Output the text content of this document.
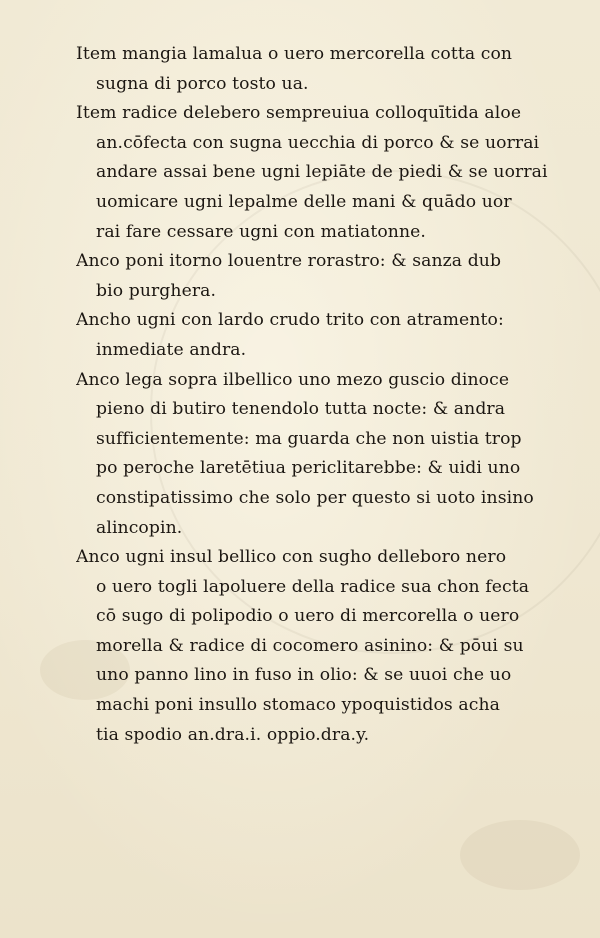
Item mangia lamalua o uero mercorella cotta con
sugna di porco tosto ua.
Item radice delebero sempreuiua colloquītida aloe
an.cōfecta con sugna uecchia di porco & se uorrai
andare assai bene ugni lepiāte de piedi & se uorrai
uomicare ugni lepalme delle mani & quādo uor
rai fare cessare ugni con matiatonne.
Anco poni itorno louentre rorastro: & sanza dub
bio purghera.
Ancho ugni con lardo crudo trito con atramento:
inmediate andra.
Anco lega sopra ilbellico uno mezo guscio dinoce
pieno di butiro tenendolo tutta nocte: & andra
sufficientemente: ma guarda che non uistia trop
po peroche laretētiua periclitarebbe: & uidi uno
constipatissimo che solo per questo si uoto insino
alincopin.
Anco ugni insul bellico con sugho delleboro nero
o uero togli lapoluere della radice sua chon fecta
cō sugo di polipodio o uero di mercorella o uero
morella & radice di cocomero asinino: & pōui su
uno panno lino in fuso in olio: & se uuoi che uo
machi poni insullo stomaco ypoquistidos acha
tia spodio an.dra.i. oppio.dra.y.
